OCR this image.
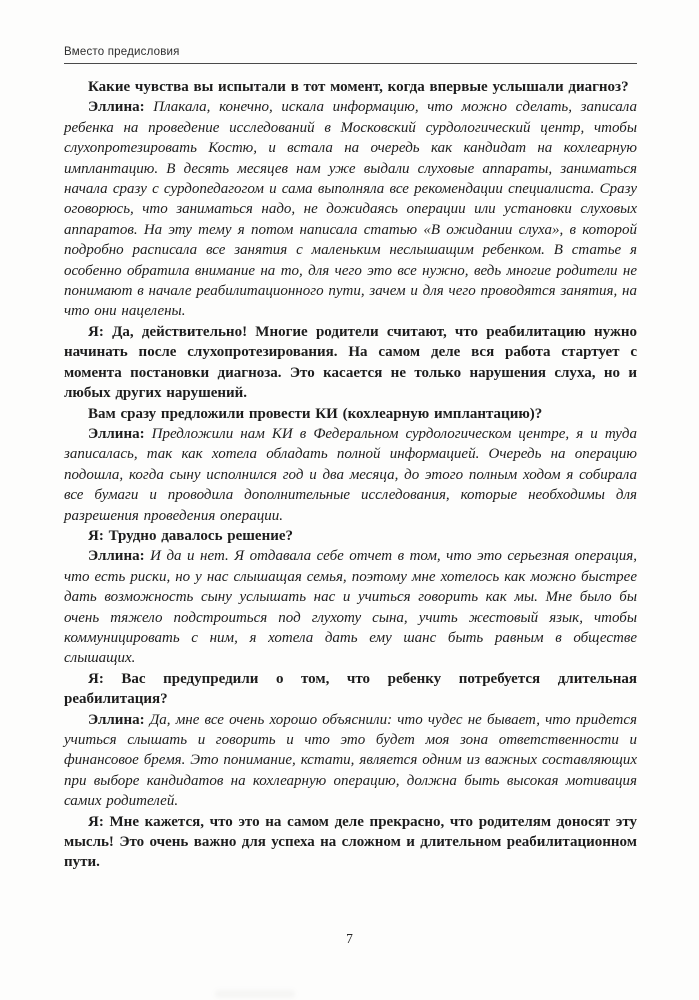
Вместо предисловия

Какие чувства вы испытали в тот момент, когда впервые услышали диагноз?

Эллина: Плакала, конечно, искала информацию, что можно сделать, записала ребенка на проведение исследований в Московский сурдологический центр, чтобы слухопротезировать Костю, и встала на очередь как кандидат на кохлеарную имплантацию. В десять месяцев нам уже выдали слуховые аппараты, заниматься начала сразу с сурдопедагогом и сама выполняла все рекомендации специалиста. Сразу оговорюсь, что заниматься надо, не дожидаясь операции или установки слуховых аппаратов. На эту тему я потом написала статью «В ожидании слуха», в которой подробно расписала все занятия с маленьким неслышащим ребенком. В статье я особенно обратила внимание на то, для чего это все нужно, ведь многие родители не понимают в начале реабилитационного пути, зачем и для чего проводятся занятия, на что они нацелены.

Я: Да, действительно! Многие родители считают, что реабилитацию нужно начинать после слухопротезирования. На самом деле вся работа стартует с момента постановки диагноза. Это касается не только нарушения слуха, но и любых других нарушений.

Вам сразу предложили провести КИ (кохлеарную имплантацию)?

Эллина: Предложили нам КИ в Федеральном сурдологическом центре, я и туда записалась, так как хотела обладать полной информацией. Очередь на операцию подошла, когда сыну исполнился год и два месяца, до этого полным ходом я собирала все бумаги и проводила дополнительные исследования, которые необходимы для разрешения проведения операции.

Я: Трудно давалось решение?

Эллина: И да и нет. Я отдавала себе отчет в том, что это серьезная операция, что есть риски, но у нас слышащая семья, поэтому мне хотелось как можно быстрее дать возможность сыну услышать нас и учиться говорить как мы. Мне было бы очень тяжело подстроиться под глухоту сына, учить жестовый язык, чтобы коммуницировать с ним, я хотела дать ему шанс быть равным в обществе слышащих.

Я: Вас предупредили о том, что ребенку потребуется длительная реабилитация?

Эллина: Да, мне все очень хорошо объяснили: что чудес не бывает, что придется учиться слышать и говорить и что это будет моя зона ответственности и финансовое бремя. Это понимание, кстати, является одним из важных составляющих при выборе кандидатов на кохлеарную операцию, должна быть высокая мотивация самих родителей.

Я: Мне кажется, что это на самом деле прекрасно, что родителям доносят эту мысль! Это очень важно для успеха на сложном и длительном реабилитационном пути.

7
